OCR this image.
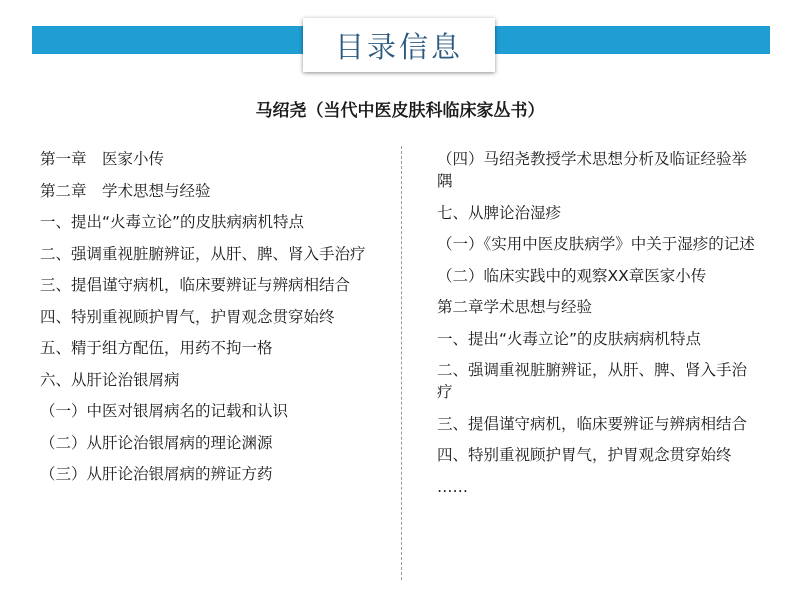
目录信息
马绍尧（当代中医皮肤科临床家丛书）

第一章　医家小传

第二章　学术思想与经验

一、提出“火毒立论”的皮肤病病机特点

二、强调重视脏腑辨证，从肝、脾、肾入手治疗

三、提倡谨守病机，临床要辨证与辨病相结合

四、特别重视顾护胃气，护胃观念贯穿始终

五、精于组方配伍，用药不拘一格

六、从肝论治银屑病

（一）中医对银屑病名的记载和认识

（二）从肝论治银屑病的理论渊源

（三）从肝论治银屑病的辨证方药

（四）马绍尧教授学术思想分析及临证经验举隅

七、从脾论治湿疹

（一）《实用中医皮肤病学》中关于湿疹的记述

（二）临床实践中的观察XX章医家小传

第二章学术思想与经验

一、提出“火毒立论”的皮肤病病机特点

二、强调重视脏腑辨证，从肝、脾、肾入手治疗

三、提倡谨守病机，临床要辨证与辨病相结合

四、特别重视顾护胃气，护胃观念贯穿始终

……
